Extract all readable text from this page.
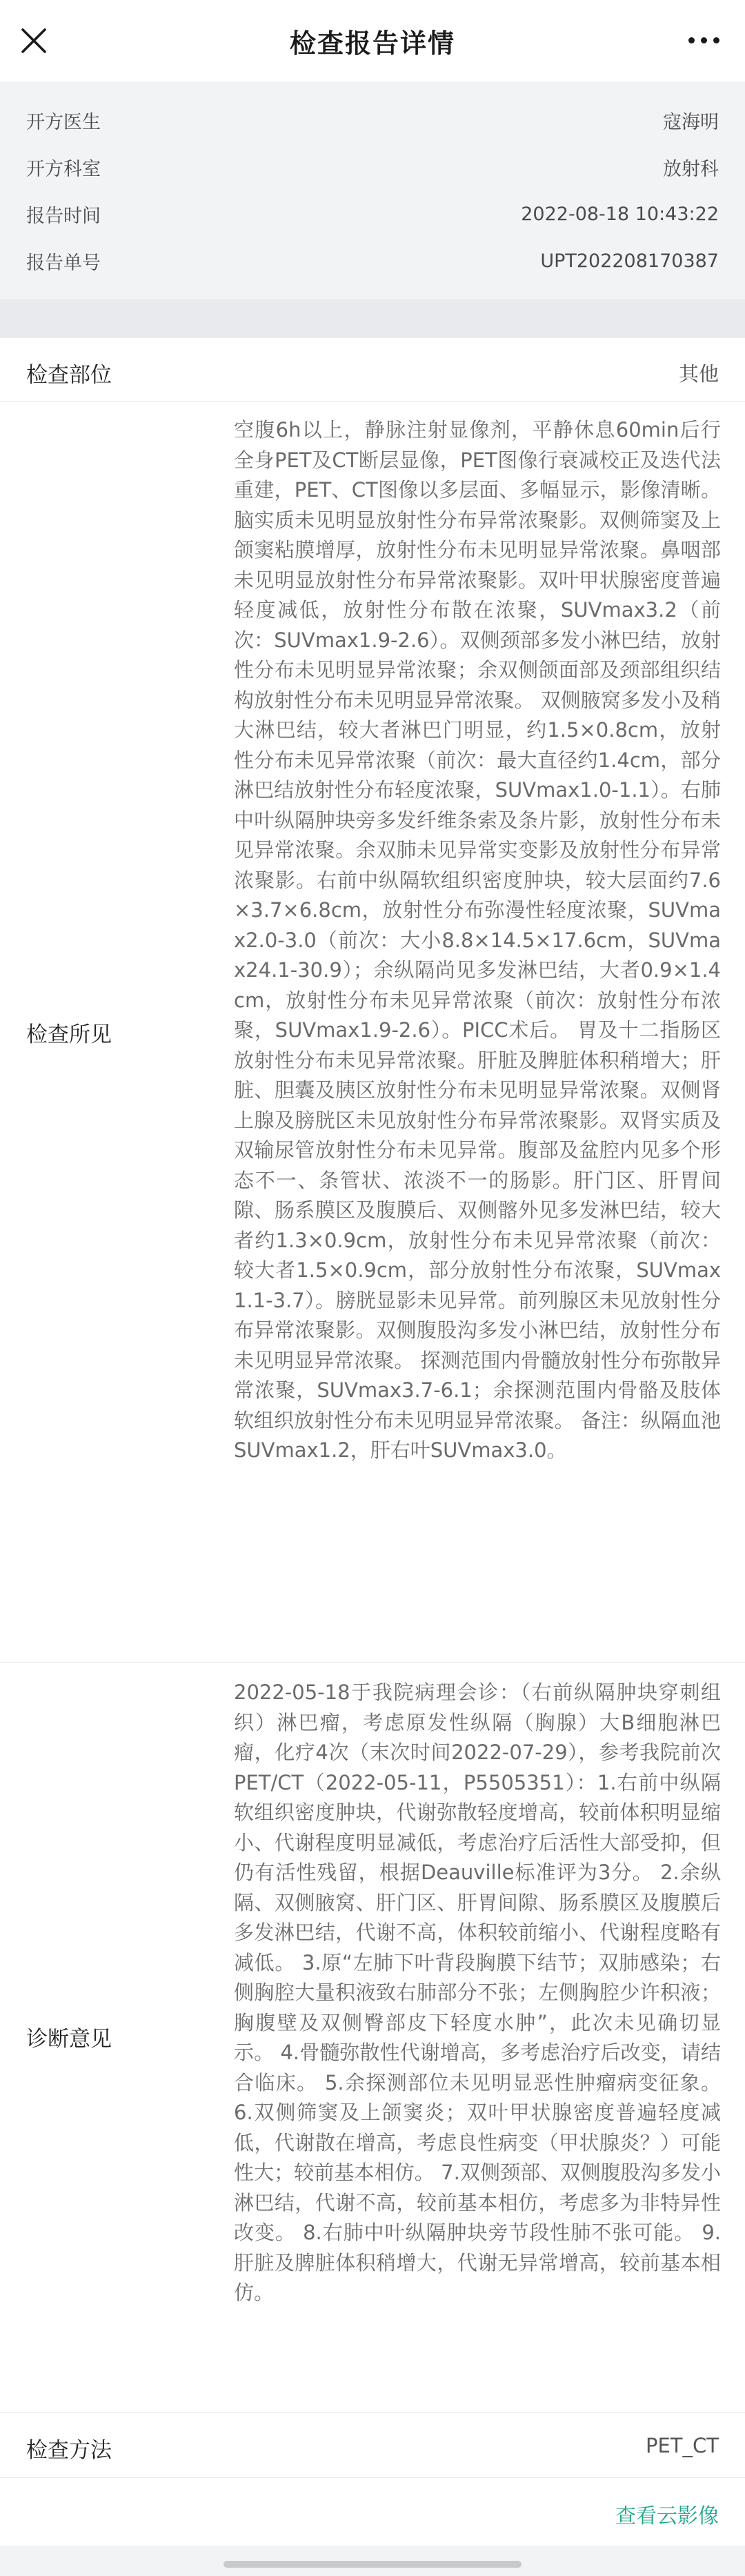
检查报告详情
开方医生	寇海明
开方科室	放射科
报告时间	2022-08-18 10:43:22
报告单号	UPT202208170387
检查部位	其他
检查所见
空腹6h以上，静脉注射显像剂，平静休息60min后行全身PET及CT断层显像，PET图像行衰减校正及迭代法重建，PET、CT图像以多层面、多幅显示，影像清晰。 脑实质未见明显放射性分布异常浓聚影。双侧筛窦及上颌窦粘膜增厚，放射性分布未见明显异常浓聚。鼻咽部未见明显放射性分布异常浓聚影。双叶甲状腺密度普遍轻度减低，放射性分布散在浓聚，SUVmax3.2（前次：SUVmax1.9-2.6）。双侧颈部多发小淋巴结，放射性分布未见明显异常浓聚；余双侧颌面部及颈部组织结构放射性分布未见明显异常浓聚。 双侧腋窝多发小及稍大淋巴结，较大者淋巴门明显，约1.5×0.8cm，放射性分布未见异常浓聚（前次：最大直径约1.4cm，部分淋巴结放射性分布轻度浓聚，SUVmax1.0-1.1）。右肺中叶纵隔肿块旁多发纤维条索及条片影，放射性分布未见异常浓聚。余双肺未见异常实变影及放射性分布异常浓聚影。右前中纵隔软组织密度肿块，较大层面约7.6×3.7×6.8cm，放射性分布弥漫性轻度浓聚，SUVmax2.0-3.0（前次：大小8.8×14.5×17.6cm，SUVmax24.1-30.9）；余纵隔尚见多发淋巴结，大者0.9×1.4cm，放射性分布未见异常浓聚（前次：放射性分布浓聚，SUVmax1.9-2.6）。PICC术后。 胃及十二指肠区放射性分布未见异常浓聚。肝脏及脾脏体积稍增大；肝脏、胆囊及胰区放射性分布未见明显异常浓聚。双侧肾上腺及膀胱区未见放射性分布异常浓聚影。双肾实质及双输尿管放射性分布未见异常。腹部及盆腔内见多个形态不一、条管状、浓淡不一的肠影。肝门区、肝胃间隙、肠系膜区及腹膜后、双侧髂外见多发淋巴结，较大者约1.3×0.9cm，放射性分布未见异常浓聚（前次：较大者1.5×0.9cm，部分放射性分布浓聚，SUVmax1.1-3.7）。膀胱显影未见异常。前列腺区未见放射性分布异常浓聚影。双侧腹股沟多发小淋巴结，放射性分布未见明显异常浓聚。 探测范围内骨髓放射性分布弥散异常浓聚，SUVmax3.7-6.1；余探测范围内骨骼及肢体软组织放射性分布未见明显异常浓聚。 备注：纵隔血池SUVmax1.2，肝右叶SUVmax3.0。
诊断意见
2022-05-18于我院病理会诊：（右前纵隔肿块穿刺组织）淋巴瘤，考虑原发性纵隔（胸腺）大B细胞淋巴瘤，化疗4次（末次时间2022-07-29），参考我院前次PET/CT（2022-05-11，P5505351）：1.右前中纵隔软组织密度肿块，代谢弥散轻度增高，较前体积明显缩小、代谢程度明显减低，考虑治疗后活性大部受抑，但仍有活性残留，根据Deauville标准评为3分。 2.余纵隔、双侧腋窝、肝门区、肝胃间隙、肠系膜区及腹膜后多发淋巴结，代谢不高，体积较前缩小、代谢程度略有减低。 3.原“左肺下叶背段胸膜下结节；双肺感染；右侧胸腔大量积液致右肺部分不张；左侧胸腔少许积液；胸腹壁及双侧臀部皮下轻度水肿”，此次未见确切显示。 4.骨髓弥散性代谢增高，多考虑治疗后改变，请结合临床。 5.余探测部位未见明显恶性肿瘤病变征象。 6.双侧筛窦及上颌窦炎；双叶甲状腺密度普遍轻度减低，代谢散在增高，考虑良性病变（甲状腺炎？）可能性大；较前基本相仿。 7.双侧颈部、双侧腹股沟多发小淋巴结，代谢不高，较前基本相仿，考虑多为非特异性改变。 8.右肺中叶纵隔肿块旁节段性肺不张可能。 9.肝脏及脾脏体积稍增大，代谢无异常增高，较前基本相仿。
检查方法	PET_CT
查看云影像
